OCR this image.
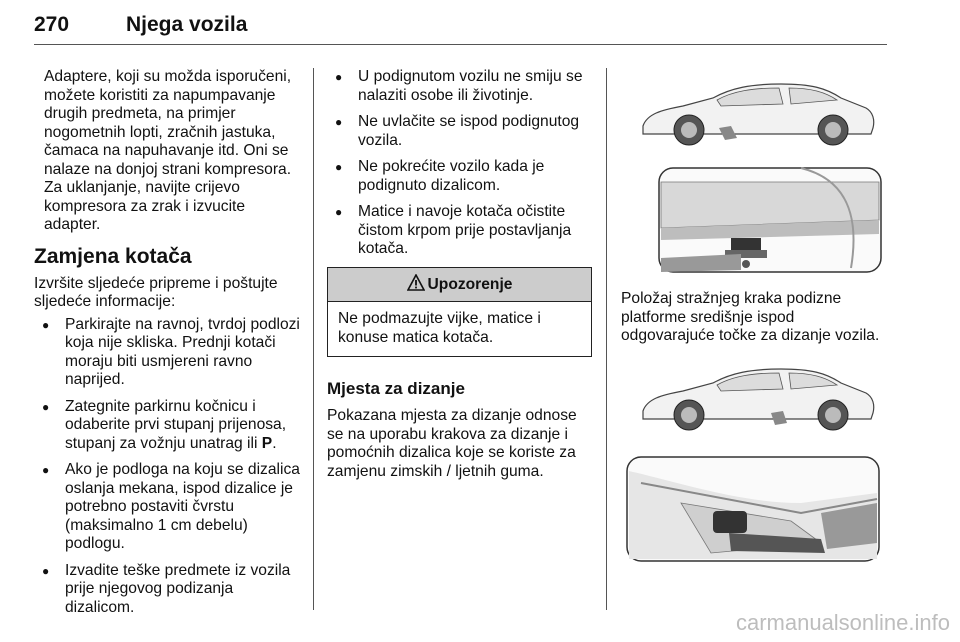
270	Njega vozila

Adaptere, koji su možda isporučeni, možete koristiti za napumpavanje drugih predmeta, na primjer nogometnih lopti, zračnih jastuka, čamaca na napuhavanje itd. Oni se nalaze na donjoj strani kompresora. Za uklanjanje, navijte crijevo kompresora za zrak i izvucite adapter.

Zamjena kotača

Izvršite sljedeće pripreme i poštujte sljedeće informacije:

● Parkirajte na ravnoj, tvrdoj podlozi koja nije skliska. Prednji kotači moraju biti usmjereni ravno naprijed.
● Zategnite parkirnu kočnicu i odaberite prvi stupanj prijenosa, stupanj za vožnju unatrag ili P.
● Ako je podloga na koju se dizalica oslanja mekana, ispod dizalice je potrebno postaviti čvrstu (maksimalno 1 cm debelu) podlogu.
● Izvadite teške predmete iz vozila prije njegovog podizanja dizalicom.
● U podignutom vozilu ne smiju se nalaziti osobe ili životinje.
● Ne uvlačite se ispod podignutog vozila.
● Ne pokrećite vozilo kada je podignuto dizalicom.
● Matice i navoje kotača očistite čistom krpom prije postavljanja kotača.
Upozorenje
Ne podmazujte vijke, matice i konuse matica kotača.
Mjesta za dizanje

Pokazana mjesta za dizanje odnose se na uporabu krakova za dizanje i pomoćnih dizalica koje se koriste za zamjenu zimskih / ljetnih guma.

Položaj stražnjeg kraka podizne platforme središnje ispod odgovarajuće točke za dizanje vozila.
carmanualsonline.info
